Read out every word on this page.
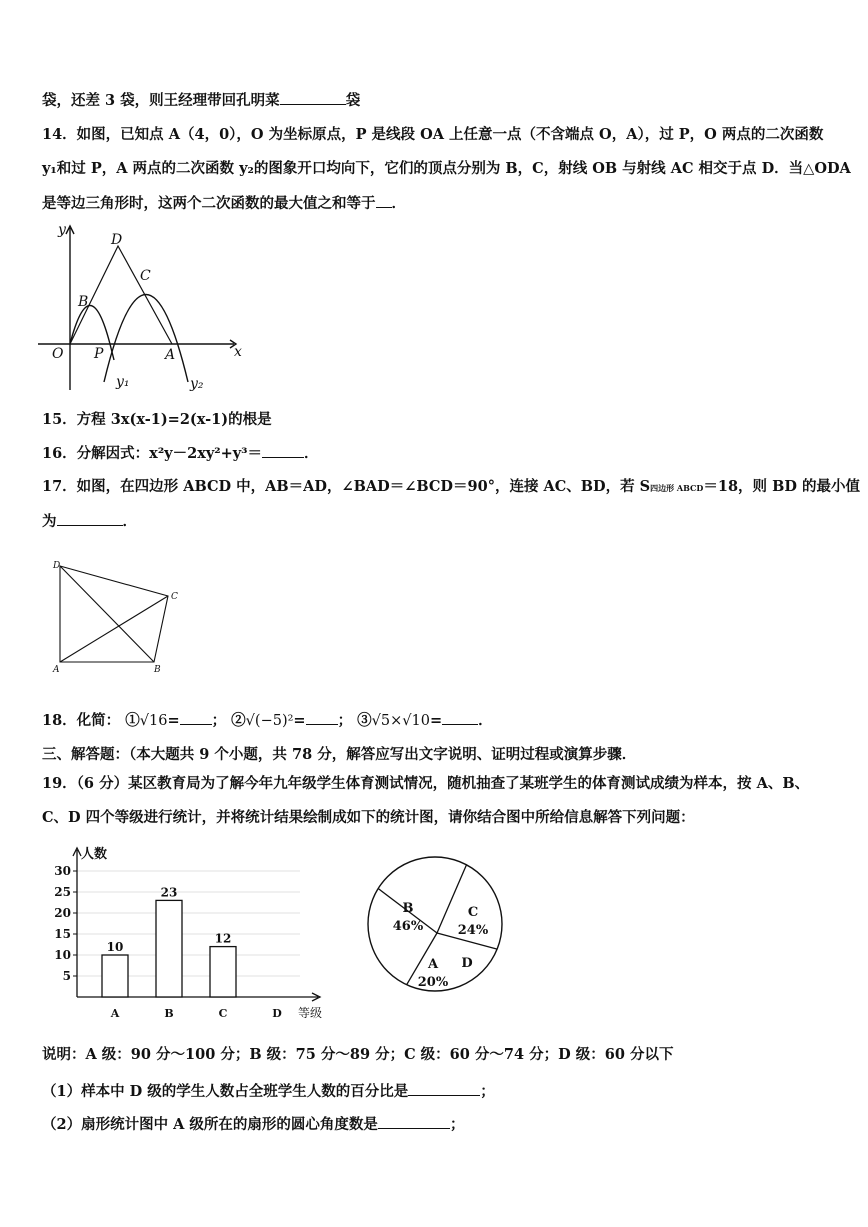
袋，还差 3 袋，则王经理带回孔明菜	袋
14．如图，已知点 A（4，0），O 为坐标原点，P 是线段 OA 上任意一点（不含端点 O，A），过 P，O 两点的二次函数
y₁和过 P，A 两点的二次函数 y₂的图象开口均向下，它们的顶点分别为 B，C，射线 OB 与射线 AC 相交于点 D．当△ODA
是等边三角形时，这两个二次函数的最大值之和等于 ．
y
x
O P	A
B
C
D
y₁	y₂
15．方程 3x(x-1)=2(x-1)的根是
16．分解因式：x²y－2xy²+y³＝	．
17．如图，在四边形 ABCD 中，AB＝AD，∠BAD＝∠BCD＝90°，连接 AC、BD，若 S四边形 ABCD＝18，则 BD 的最小值
为	．
D
C
A	B
18．化简： ①√16= ； ②√(−5)²= ； ③√5×√10= ．
三、解答题：（本大题共 9 个小题，共 78 分，解答应写出文字说明、证明过程或演算步骤．
19．（6 分）某区教育局为了解今年九年级学生体育测试情况，随机抽查了某班学生的体育测试成绩为样本，按 A、B、
C、D 四个等级进行统计，并将统计结果绘制成如下的统计图，请你结合图中所给信息解答下列问题：
5
10
15
20
25
30
10
23
12
A	B	C	D
人数
等级
B
46%
C
24%
D
A
20%
说明：A 级：90 分～100 分；B 级：75 分～89 分；C 级：60 分～74 分；D 级：60 分以下
（1）样本中 D 级的学生人数占全班学生人数的百分比是	；
（2）扇形统计图中 A 级所在的扇形的圆心角度数是	；
